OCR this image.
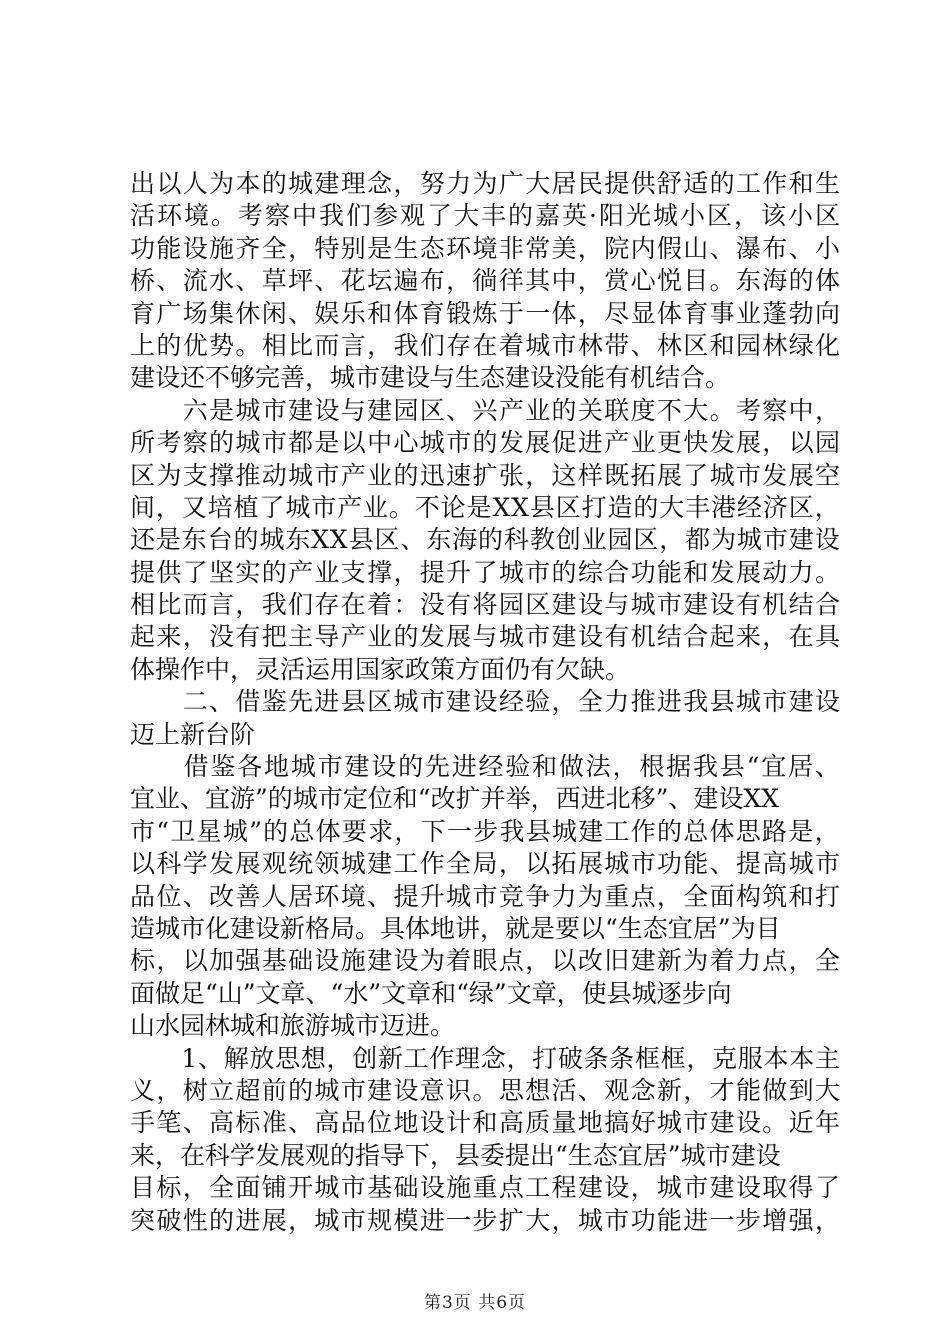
出以人为本的城建理念，努力为广大居民提供舒适的工作和生
活环境。考察中我们参观了大丰的嘉英·阳光城小区，该小区
功能设施齐全，特别是生态环境非常美，院内假山、瀑布、小
桥、流水、草坪、花坛遍布，徜徉其中，赏心悦目。东海的体
育广场集休闲、娱乐和体育锻炼于一体，尽显体育事业蓬勃向
上的优势。相比而言，我们存在着城市林带、林区和园林绿化
建设还不够完善，城市建设与生态建设没能有机结合。
　　六是城市建设与建园区、兴产业的关联度不大。考察中，
所考察的城市都是以中心城市的发展促进产业更快发展，以园
区为支撑推动城市产业的迅速扩张，这样既拓展了城市发展空
间，又培植了城市产业。不论是XX县区打造的大丰港经济区，
还是东台的城东XX县区、东海的科教创业园区，都为城市建设
提供了坚实的产业支撑，提升了城市的综合功能和发展动力。
相比而言，我们存在着：没有将园区建设与城市建设有机结合
起来，没有把主导产业的发展与城市建设有机结合起来，在具
体操作中，灵活运用国家政策方面仍有欠缺。
　　二、借鉴先进县区城市建设经验，全力推进我县城市建设
迈上新台阶
　　借鉴各地城市建设的先进经验和做法，根据我县“宜居、
宜业、宜游”的城市定位和“改扩并举，西进北移”、建设XX
市“卫星城”的总体要求，下一步我县城建工作的总体思路是，
以科学发展观统领城建工作全局，以拓展城市功能、提高城市
品位、改善人居环境、提升城市竞争力为重点，全面构筑和打
造城市化建设新格局。具体地讲，就是要以“生态宜居”为目
标，以加强基础设施建设为着眼点，以改旧建新为着力点，全
面做足“山”文章、“水”文章和“绿”文章，使县城逐步向
山水园林城和旅游城市迈进。
　　1、解放思想，创新工作理念，打破条条框框，克服本本主
义，树立超前的城市建设意识。思想活、观念新，才能做到大
手笔、高标准、高品位地设计和高质量地搞好城市建设。近年
来，在科学发展观的指导下，县委提出“生态宜居”城市建设
目标，全面铺开城市基础设施重点工程建设，城市建设取得了
突破性的进展，城市规模进一步扩大，城市功能进一步增强，
第3页 共6页
